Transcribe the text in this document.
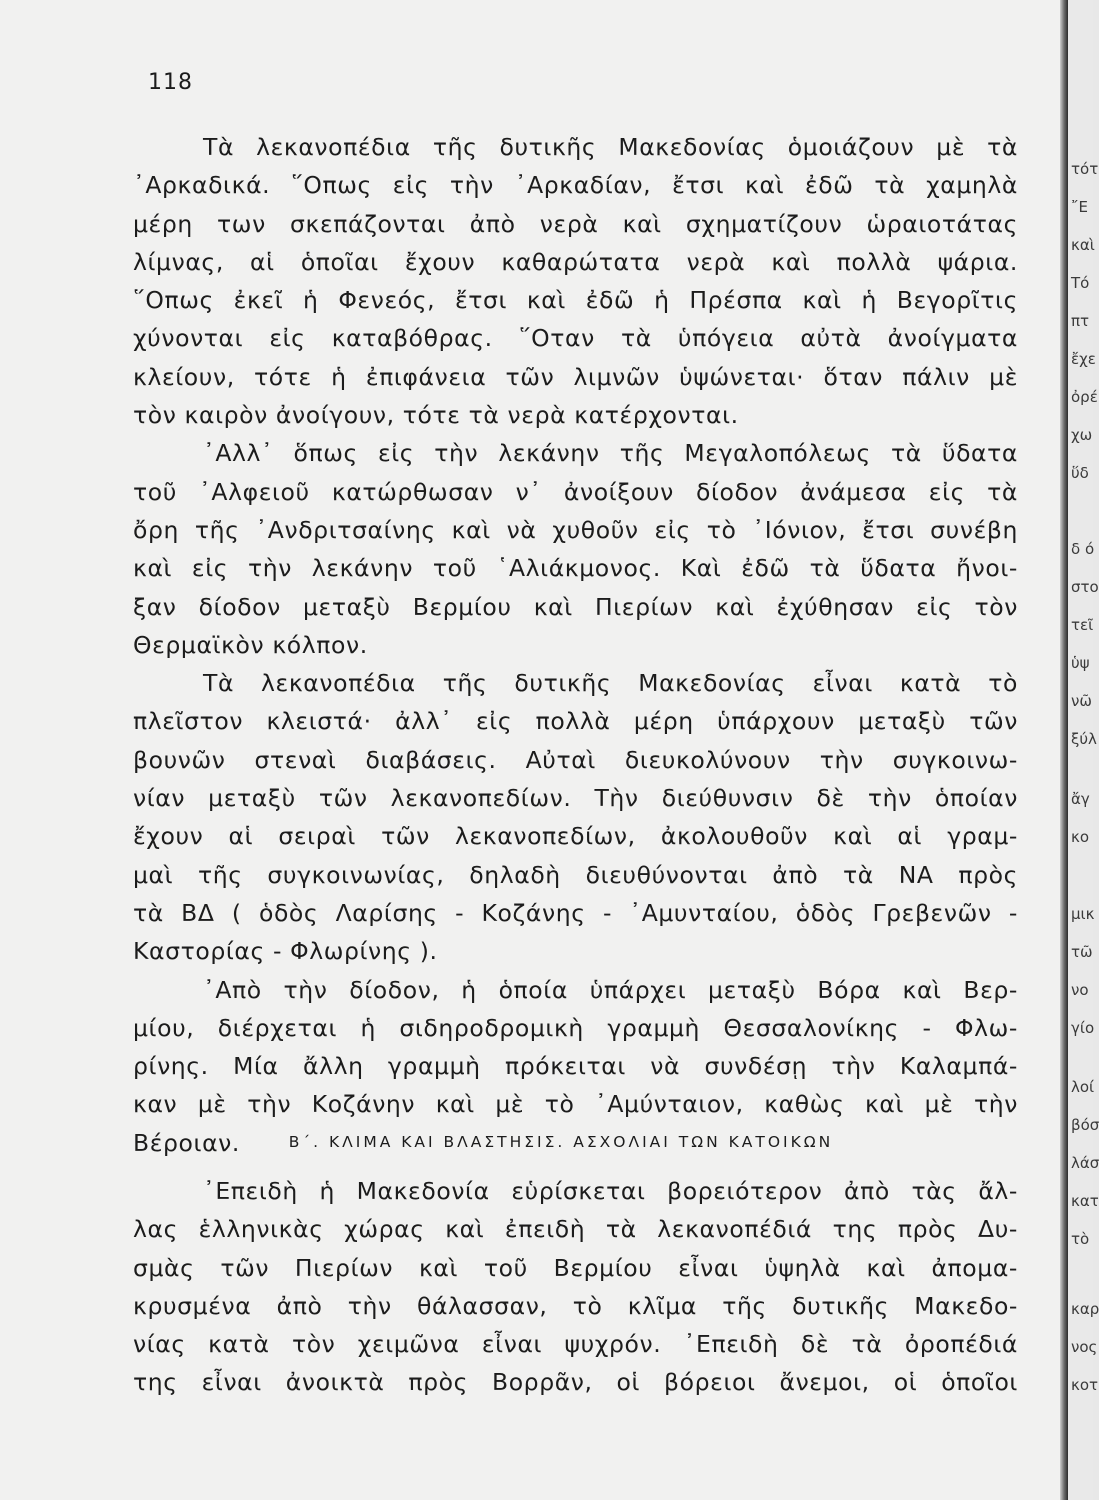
118
Τὰ λεκανοπέδια τῆς δυτικῆς Μακεδονίας ὁμοιάζουν μὲ τὰ
᾿Αρκαδικά. ῞Οπως εἰς τὴν ᾿Αρκαδίαν, ἔτσι καὶ ἐδῶ τὰ χαμηλὰ
μέρη των σκεπάζονται ἀπὸ νερὰ καὶ σχηματίζουν ὡραιοτάτας
λίμνας, αἱ ὁποῖαι ἔχουν καθαρώτατα νερὰ καὶ πολλὰ ψάρια.
῞Οπως ἐκεῖ ἡ Φενεός, ἔτσι καὶ ἐδῶ ἡ Πρέσπα καὶ ἡ Βεγορῖτις
χύνονται εἰς καταβόθρας. ῞Οταν τὰ ὑπόγεια αὐτὰ ἀνοίγματα
κλείουν, τότε ἡ ἐπιφάνεια τῶν λιμνῶν ὑψώνεται· ὅταν πάλιν μὲ
τὸν καιρὸν ἀνοίγουν, τότε τὰ νερὰ κατέρχονται.
᾿Αλλ᾿ ὅπως εἰς τὴν λεκάνην τῆς Μεγαλοπόλεως τὰ ὕδατα
τοῦ ᾿Αλφειοῦ κατώρθωσαν ν᾿ ἀνοίξουν δίοδον ἀνάμεσα εἰς τὰ
ὄρη τῆς ᾿Ανδριτσαίνης καὶ νὰ χυθοῦν εἰς τὸ ᾿Ιόνιον, ἔτσι συνέβη
καὶ εἰς τὴν λεκάνην τοῦ ῾Αλιάκμονος. Καὶ ἐδῶ τὰ ὕδατα ἤνοι-
ξαν δίοδον μεταξὺ Βερμίου καὶ Πιερίων καὶ ἐχύθησαν εἰς τὸν
Θερμαϊκὸν κόλπον.
Τὰ λεκανοπέδια τῆς δυτικῆς Μακεδονίας εἶναι κατὰ τὸ
πλεῖστον κλειστά· ἀλλ᾿ εἰς πολλὰ μέρη ὑπάρχουν μεταξὺ τῶν
βουνῶν στεναὶ διαβάσεις. Αὐταὶ διευκολύνουν τὴν συγκοινω-
νίαν μεταξὺ τῶν λεκανοπεδίων. Τὴν διεύθυνσιν δὲ τὴν ὁποίαν
ἔχουν αἱ σειραὶ τῶν λεκανοπεδίων, ἀκολουθοῦν καὶ αἱ γραμ-
μαὶ τῆς συγκοινωνίας, δηλαδὴ διευθύνονται ἀπὸ τὰ ΝΑ πρὸς
τὰ ΒΔ ( ὁδὸς Λαρίσης - Κοζάνης - ᾿Αμυνταίου, ὁδὸς Γρεβενῶν -
Καστορίας - Φλωρίνης ).
᾿Απὸ τὴν δίοδον, ἡ ὁποία ὑπάρχει μεταξὺ Βόρα καὶ Βερ-
μίου, διέρχεται ἡ σιδηροδρομικὴ γραμμὴ Θεσσαλονίκης - Φλω-
ρίνης. Μία ἄλλη γραμμὴ πρόκειται νὰ συνδέσῃ τὴν Καλαμπά-
καν μὲ τὴν Κοζάνην καὶ μὲ τὸ ᾿Αμύνταιον, καθὼς καὶ μὲ τὴν
Βέροιαν.	Β΄. ΚΛΙΜΑ ΚΑΙ ΒΛΑΣΤΗΣΙΣ. ΑΣΧΟΛΙΑΙ ΤΩΝ ΚΑΤΟΙΚΩΝ
᾿Επειδὴ ἡ Μακεδονία εὑρίσκεται βορειότερον ἀπὸ τὰς ἄλ-
λας ἑλληνικὰς χώρας καὶ ἐπειδὴ τὰ λεκανοπέδιά της πρὸς Δυ-
σμὰς τῶν Πιερίων καὶ τοῦ Βερμίου εἶναι ὑψηλὰ καὶ ἀπομα-
κρυσμένα ἀπὸ τὴν θάλασσαν, τὸ κλῖμα τῆς δυτικῆς Μακεδο-
νίας κατὰ τὸν χειμῶνα εἶναι ψυχρόν. ᾿Επειδὴ δὲ τὰ ὀροπέδιά
της εἶναι ἀνοικτὰ πρὸς Βορρᾶν, οἱ βόρειοι ἄνεμοι, οἱ ὁποῖοι
τότ
῎Ε
καὶ
Τό
πτ
ἔχε
ὀρέ
χω
ὕδ
δ ό
στο
τεῖ
ὑψ
νῶ
ξύλ
ἄγ
κο
μικ
τῶ
νο
γίο
λοί
βόσ
λάσ
κατ
τὸ
καρ
νος
κοτ
